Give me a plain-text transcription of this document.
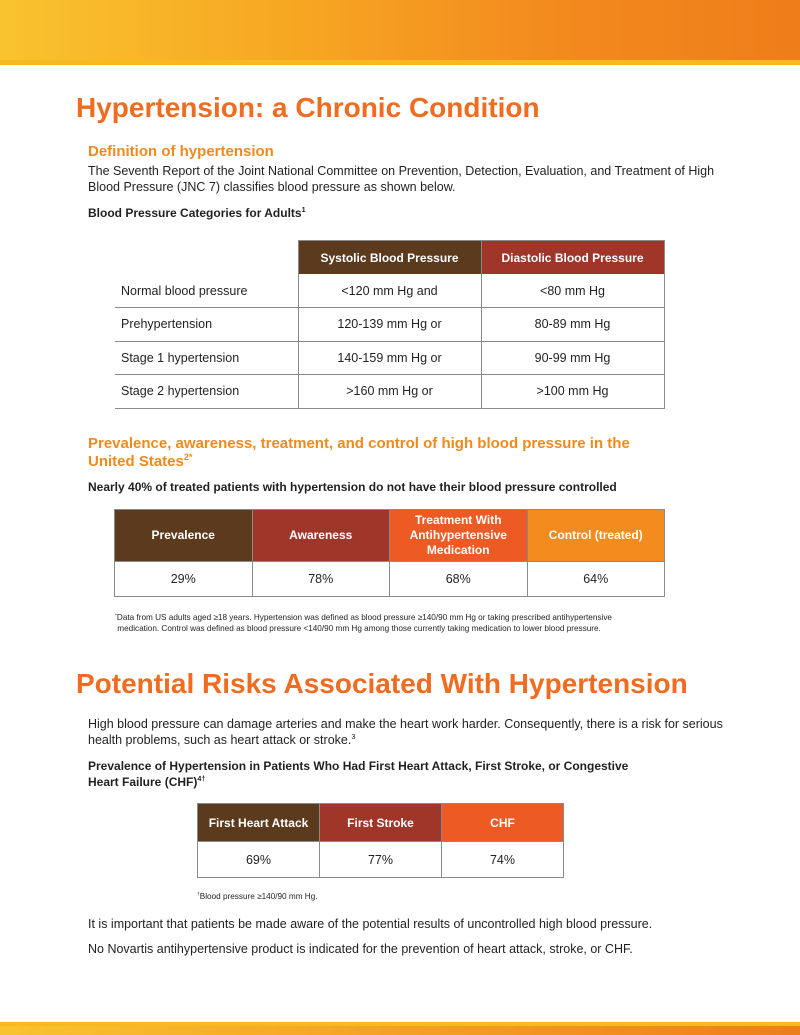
Hypertension: a Chronic Condition
Definition of hypertension
The Seventh Report of the Joint National Committee on Prevention, Detection, Evaluation, and Treatment of High Blood Pressure (JNC 7) classifies blood pressure as shown below.
Blood Pressure Categories for Adults$^1$
	Systolic Blood Pressure	Diastolic Blood Pressure
Normal blood pressure	<120 mm Hg and	<80 mm Hg
Prehypertension	120-139 mm Hg or	80-89 mm Hg
Stage 1 hypertension	140-159 mm Hg or	90-99 mm Hg
Stage 2 hypertension	>160 mm Hg or	>100 mm Hg
Prevalence, awareness, treatment, and control of high blood pressure in the
United States$^{2*}$
Nearly 40% of treated patients with hypertension do not have their blood pressure controlled
Prevalence	Awareness	Treatment With Antihypertensive Medication	Control (treated)
29%	78%	68%	64%
*Data from US adults aged ≥18 years. Hypertension was defined as blood pressure ≥140/90 mm Hg or taking prescribed antihypertensive
medication. Control was defined as blood pressure <140/90 mm Hg among those currently taking medication to lower blood pressure.
Potential Risks Associated With Hypertension
High blood pressure can damage arteries and make the heart work harder. Consequently, there is a risk for serious health problems, such as heart attack or stroke.$^3$
Prevalence of Hypertension in Patients Who Had First Heart Attack, First Stroke, or Congestive
Heart Failure (CHF)$^{4\dagger}$
First Heart Attack	First Stroke	CHF
69%	77%	74%
†Blood pressure ≥140/90 mm Hg.
It is important that patients be made aware of the potential results of uncontrolled high blood pressure.
No Novartis antihypertensive product is indicated for the prevention of heart attack, stroke, or CHF.
